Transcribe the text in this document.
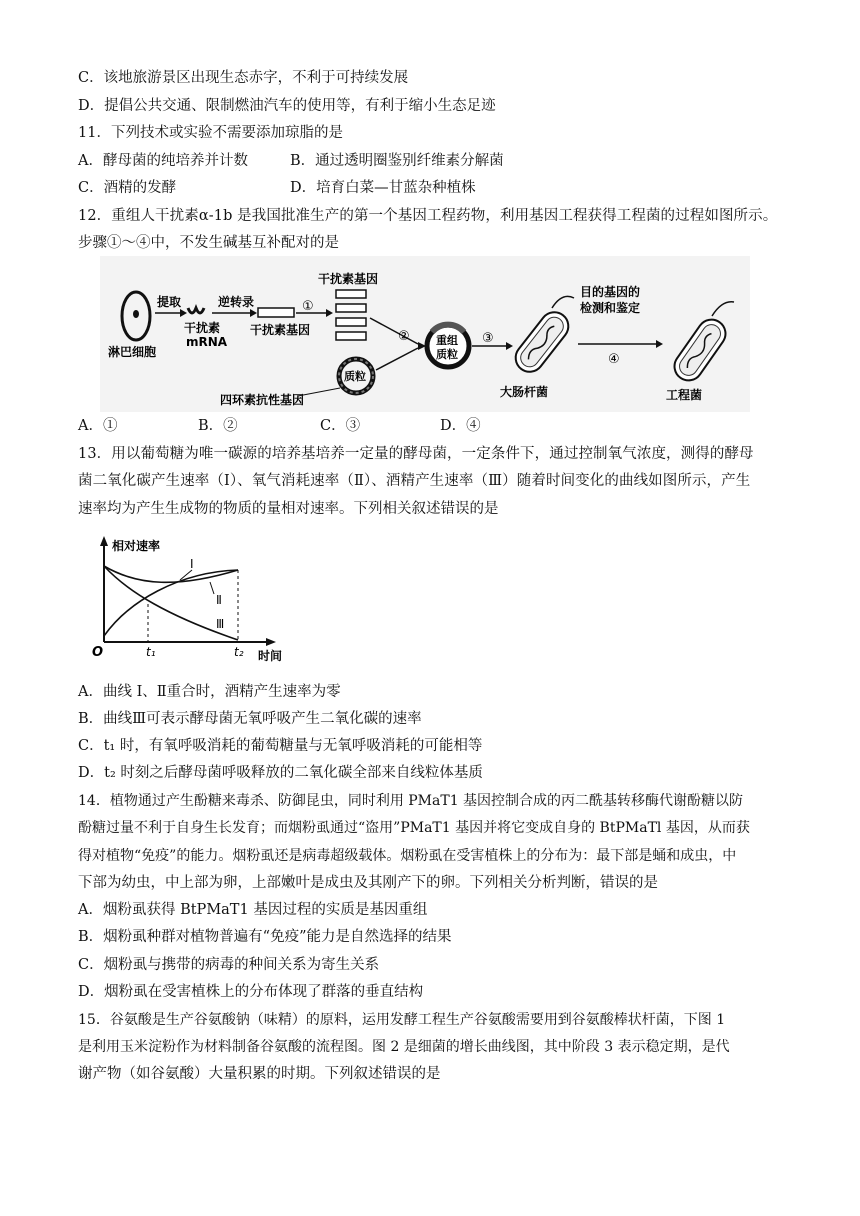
C．该地旅游景区出现生态赤字，不利于可持续发展
D．提倡公共交通、限制燃油汽车的使用等，有利于缩小生态足迹
11．下列技术或实验不需要添加琼脂的是
A．酵母菌的纯培养并计数	B．通过透明圈鉴别纤维素分解菌
C．酒精的发酵	D．培育白菜—甘蓝杂种植株
12．重组人干扰素α-1b 是我国批准生产的第一个基因工程药物，利用基因工程获得工程菌的过程如图所示。
步骤①～④中，不发生碱基互补配对的是
淋巴细胞
提取
干扰素
mRNA
逆转录
干扰素基因
①
干扰素基因
质粒
四环素抗性基因
② 重组
质粒
③
大肠杆菌
目的基因的
检测和鉴定
④
工程菌
A．①	B．②	C．③	D．④
13．用以葡萄糖为唯一碳源的培养基培养一定量的酵母菌，一定条件下，通过控制氧气浓度，测得的酵母
菌二氧化碳产生速率（I）、氧气消耗速率（Ⅱ）、酒精产生速率（Ⅲ）随着时间变化的曲线如图所示，产生
速率均为产生生成物的物质的量相对速率。下列相关叙述错误的是
相对速率
时间
O	t₁	t₂
I
Ⅱ
Ⅲ
A．曲线 I、Ⅱ重合时，酒精产生速率为零
B．曲线Ⅲ可表示酵母菌无氧呼吸产生二氧化碳的速率
C．t₁ 时，有氧呼吸消耗的葡萄糖量与无氧呼吸消耗的可能相等
D．t₂ 时刻之后酵母菌呼吸释放的二氧化碳全部来自线粒体基质
14．植物通过产生酚糖来毒杀、防御昆虫，同时利用 PMaT1 基因控制合成的丙二酰基转移酶代谢酚糖以防
酚糖过量不利于自身生长发育；而烟粉虱通过“盗用”PMaT1 基因并将它变成自身的 BtPMaTl 基因，从而获
得对植物“免疫”的能力。烟粉虱还是病毒超级载体。烟粉虱在受害植株上的分布为：最下部是蛹和成虫，中
下部为幼虫，中上部为卵，上部嫩叶是成虫及其刚产下的卵。下列相关分析判断，错误的是
A．烟粉虱获得 BtPMaT1 基因过程的实质是基因重组
B．烟粉虱种群对植物普遍有“免疫”能力是自然选择的结果
C．烟粉虱与携带的病毒的种间关系为寄生关系
D．烟粉虱在受害植株上的分布体现了群落的垂直结构
15．谷氨酸是生产谷氨酸钠（味精）的原料，运用发酵工程生产谷氨酸需要用到谷氨酸棒状杆菌，下图 1
是利用玉米淀粉作为材料制备谷氨酸的流程图。图 2 是细菌的增长曲线图，其中阶段 3 表示稳定期，是代
谢产物（如谷氨酸）大量积累的时期。下列叙述错误的是
